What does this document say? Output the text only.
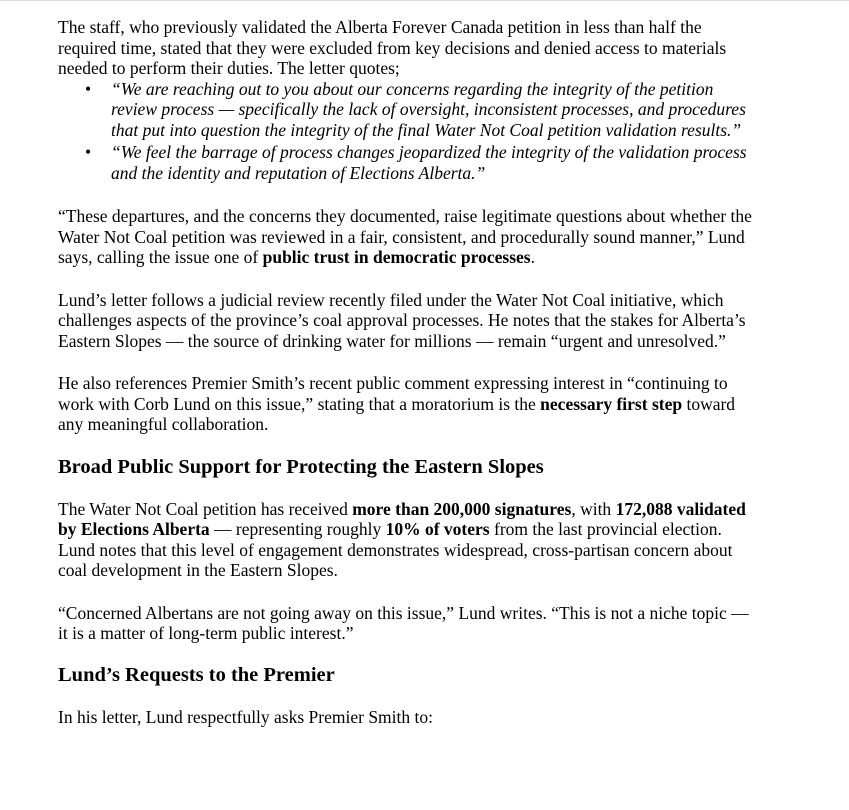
The staff, who previously validated the Alberta Forever Canada petition in less than half the required time, stated that they were excluded from key decisions and denied access to materials needed to perform their duties. The letter quotes;

• “We are reaching out to you about our concerns regarding the integrity of the petition review process — specifically the lack of oversight, inconsistent processes, and procedures that put into question the integrity of the final Water Not Coal petition validation results.”
• “We feel the barrage of process changes jeopardized the integrity of the validation process and the identity and reputation of Elections Alberta.”

“These departures, and the concerns they documented, raise legitimate questions about whether the Water Not Coal petition was reviewed in a fair, consistent, and procedurally sound manner,” Lund says, calling the issue one of public trust in democratic processes.

Lund’s letter follows a judicial review recently filed under the Water Not Coal initiative, which challenges aspects of the province’s coal approval processes. He notes that the stakes for Alberta’s Eastern Slopes — the source of drinking water for millions — remain “urgent and unresolved.”

He also references Premier Smith’s recent public comment expressing interest in “continuing to work with Corb Lund on this issue,” stating that a moratorium is the necessary first step toward any meaningful collaboration.

Broad Public Support for Protecting the Eastern Slopes

The Water Not Coal petition has received more than 200,000 signatures, with 172,088 validated by Elections Alberta — representing roughly 10% of voters from the last provincial election. Lund notes that this level of engagement demonstrates widespread, cross-partisan concern about coal development in the Eastern Slopes.

“Concerned Albertans are not going away on this issue,” Lund writes. “This is not a niche topic — it is a matter of long-term public interest.”

Lund’s Requests to the Premier

In his letter, Lund respectfully asks Premier Smith to:
